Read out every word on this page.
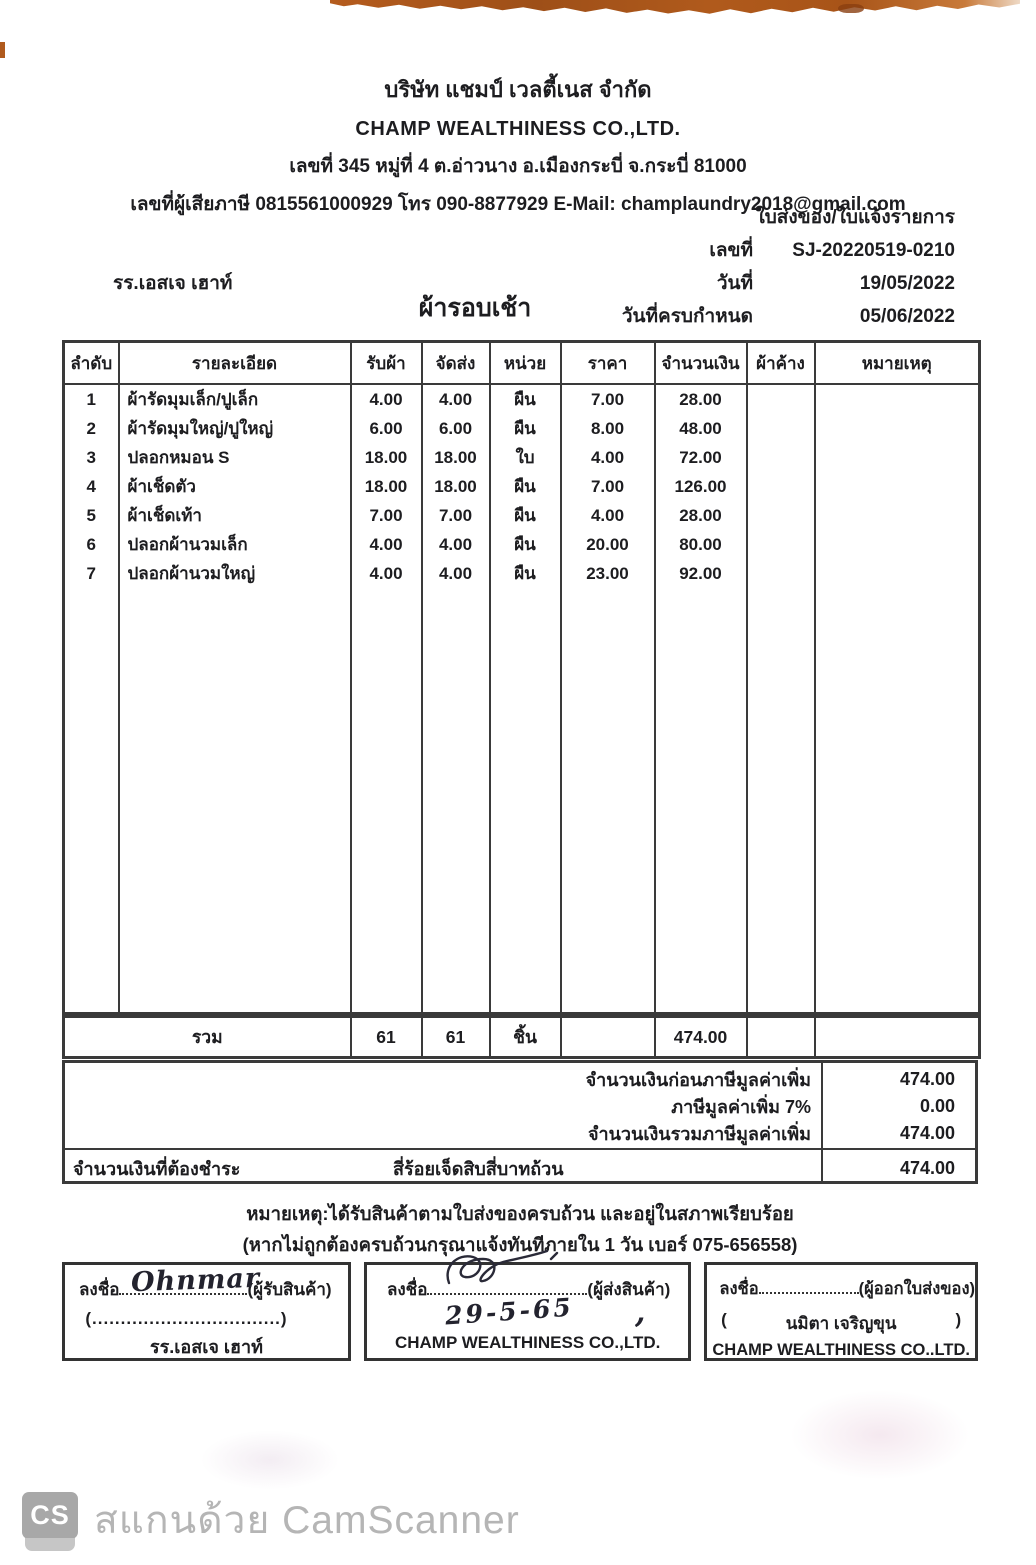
บริษัท แชมป์ เวลตี้เนส จำกัด
CHAMP WEALTHINESS CO.,LTD.
เลขที่ 345 หมู่ที่ 4 ต.อ่าวนาง อ.เมืองกระบี่ จ.กระบี่ 81000
เลขที่ผู้เสียภาษี 0815561000929 โทร 090-8877929 E-Mail: champlaundry2018@gmail.com
ใบส่งของ/ใบแจ้งรายการ
เลขที่	SJ-20220519-0210
วันที่	19/05/2022
วันที่ครบกำหนด	05/06/2022
รร.เอสเจ เฮาท์
ผ้ารอบเช้า
ลำดับ	รายละเอียด	รับผ้า	จัดส่ง	หน่วย	ราคา	จำนวนเงิน	ผ้าค้าง	หมายเหตุ
1	ผ้ารัดมุมเล็ก/ปูเล็ก	4.00	4.00	ผืน	7.00	28.00		
2	ผ้ารัดมุมใหญ่/ปูใหญ่	6.00	6.00	ผืน	8.00	48.00		
3	ปลอกหมอน S	18.00	18.00	ใบ	4.00	72.00		
4	ผ้าเช็ดตัว	18.00	18.00	ผืน	7.00	126.00		
5	ผ้าเช็ดเท้า	7.00	7.00	ผืน	4.00	28.00		
6	ปลอกผ้านวมเล็ก	4.00	4.00	ผืน	20.00	80.00		
7	ปลอกผ้านวมใหญ่	4.00	4.00	ผืน	23.00	92.00		

รวม	61	61	ชิ้น		474.00		
จำนวนเงินก่อนภาษีมูลค่าเพิ่ม	474.00
ภาษีมูลค่าเพิ่ม 7%	0.00
จำนวนเงินรวมภาษีมูลค่าเพิ่ม	474.00
จำนวนเงินที่ต้องชำระ	สี่ร้อยเจ็ดสิบสี่บาทถ้วน	474.00
หมายเหตุ:ได้รับสินค้าตามใบส่งของครบถ้วน และอยู่ในสภาพเรียบร้อย
(หากไม่ถูกต้องครบถ้วนกรุณาแจ้งทันทีภายใน 1 วัน เบอร์ 075-656558)
ลงชื่อ	(ผู้รับสินค้า)
Ohnmar
(.................................)
รร.เอสเจ เฮาท์
ลงชื่อ	(ผู้ส่งสินค้า)
29-5-65 ,
CHAMP WEALTHINESS CO.,LTD.
ลงชื่อ	(ผู้ออกใบส่งของ)
(	นมิตา เจริญขุน	)
CHAMP WEALTHINESS CO..LTD.
CS สแกนด้วย CamScanner
